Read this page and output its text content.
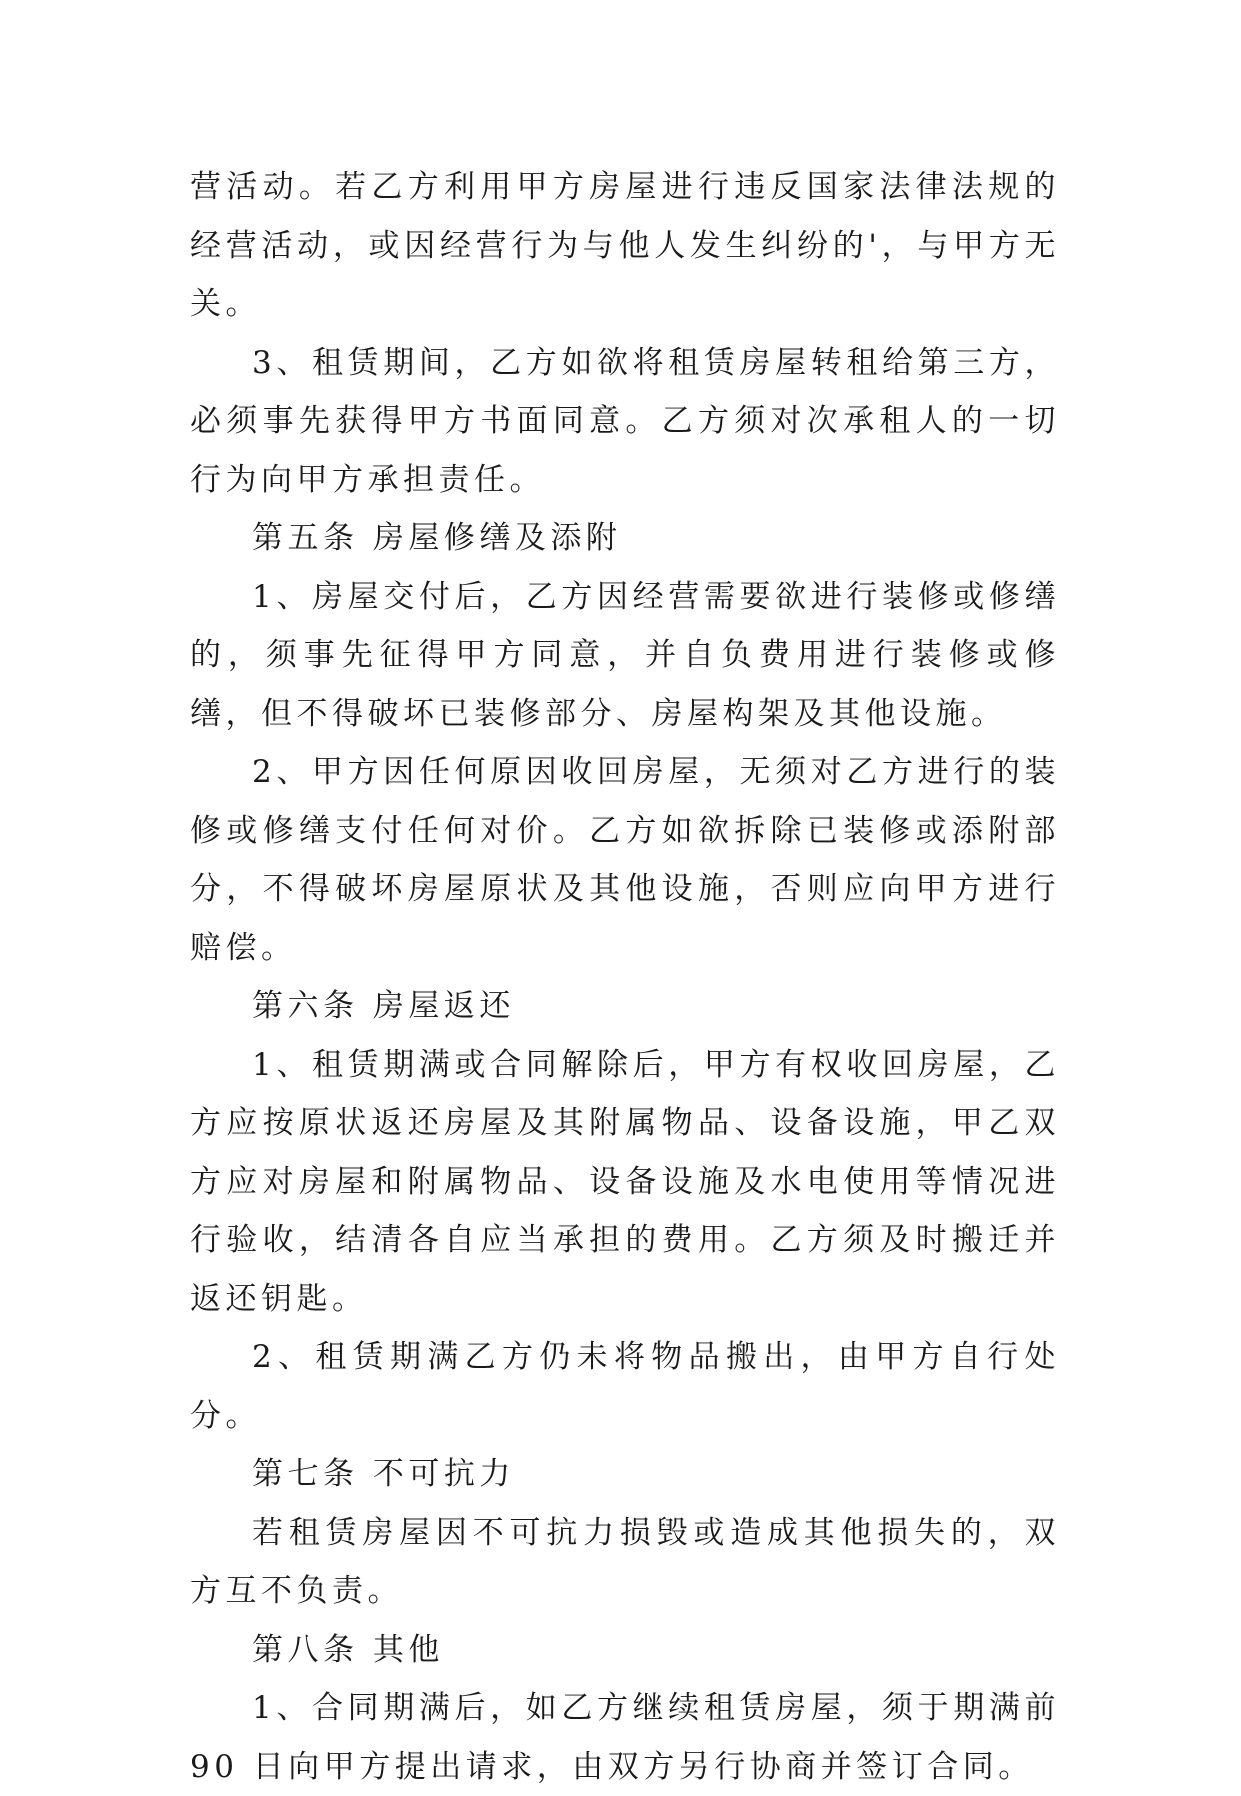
营活动。若乙方利用甲方房屋进行违反国家法律法规的经营活动，或因经营行为与他人发生纠纷的'，与甲方无关。

3、租赁期间，乙方如欲将租赁房屋转租给第三方，必须事先获得甲方书面同意。乙方须对次承租人的一切行为向甲方承担责任。

第五条 房屋修缮及添附

1、房屋交付后，乙方因经营需要欲进行装修或修缮的，须事先征得甲方同意，并自负费用进行装修或修缮，但不得破坏已装修部分、房屋构架及其他设施。

2、甲方因任何原因收回房屋，无须对乙方进行的装修或修缮支付任何对价。乙方如欲拆除已装修或添附部分，不得破坏房屋原状及其他设施，否则应向甲方进行赔偿。

第六条 房屋返还

1、租赁期满或合同解除后，甲方有权收回房屋，乙方应按原状返还房屋及其附属物品、设备设施，甲乙双方应对房屋和附属物品、设备设施及水电使用等情况进行验收，结清各自应当承担的费用。乙方须及时搬迁并返还钥匙。

2、租赁期满乙方仍未将物品搬出，由甲方自行处分。

第七条 不可抗力

若租赁房屋因不可抗力损毁或造成其他损失的，双方互不负责。

第八条 其他

1、合同期满后，如乙方继续租赁房屋，须于期满前 90 日向甲方提出请求，由双方另行协商并签订合同。
